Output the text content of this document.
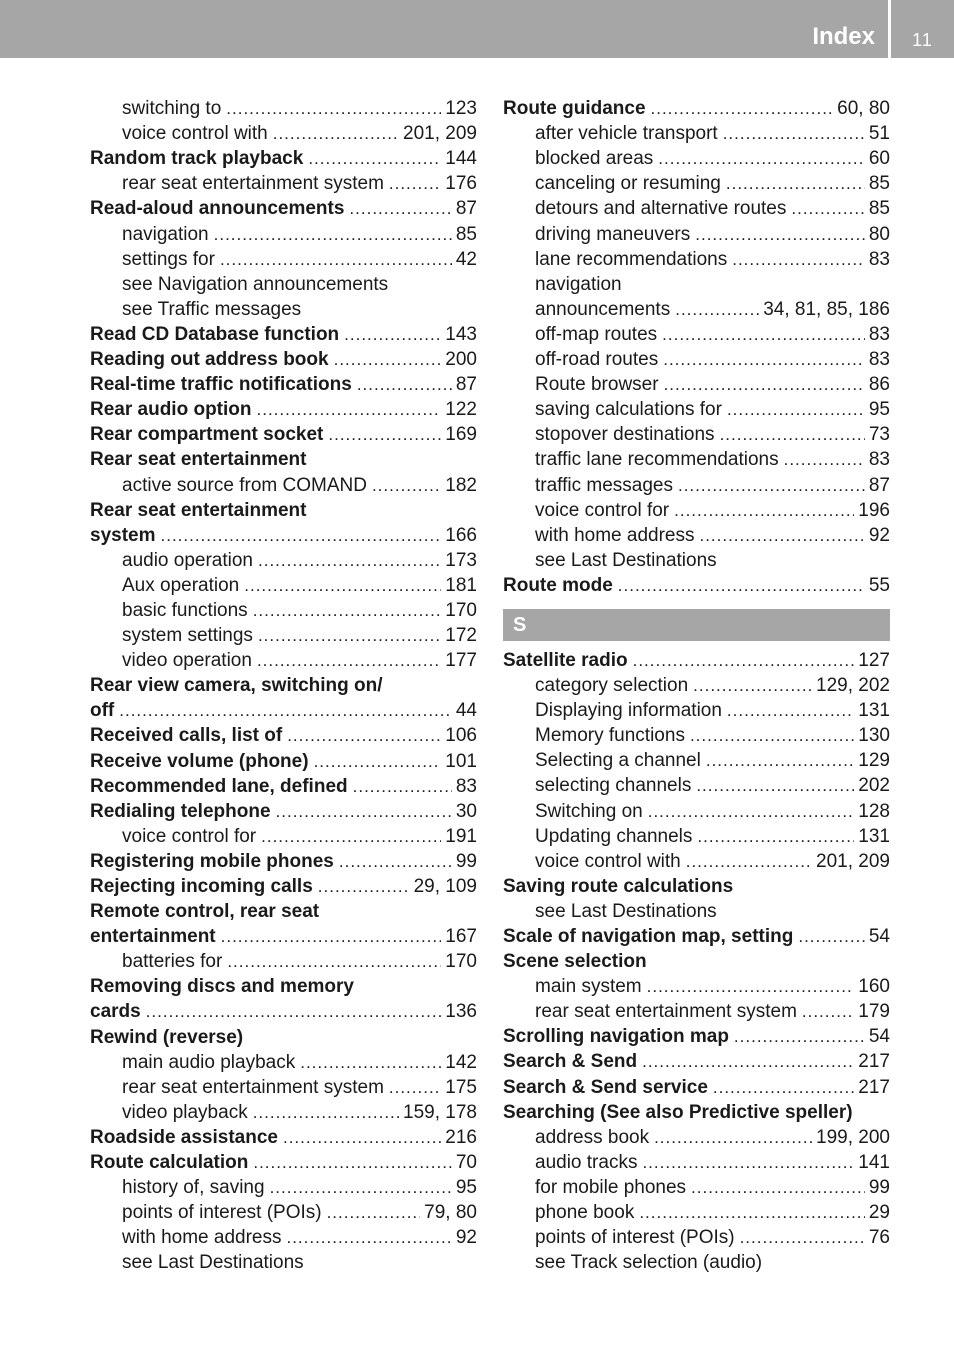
Index	11
switching to .....	123
voice control with .....	201, 209
Random track playback .....	144
rear seat entertainment system .....	176
Read-aloud announcements .....	87
navigation .....	85
settings for .....	42
see Navigation announcements
see Traffic messages
Read CD Database function .....	143
Reading out address book .....	200
Real-time traffic notifications .....	87
Rear audio option .....	122
Rear compartment socket .....	169
Rear seat entertainment
active source from COMAND .....	182
Rear seat entertainment
system .....	166
audio operation .....	173
Aux operation .....	181
basic functions .....	170
system settings .....	172
video operation .....	177
Rear view camera, switching on/
off .....	44
Received calls, list of .....	106
Receive volume (phone) .....	101
Recommended lane, defined .....	83
Redialing telephone .....	30
voice control for .....	191
Registering mobile phones .....	99
Rejecting incoming calls .....	29, 109
Remote control, rear seat
entertainment .....	167
batteries for .....	170
Removing discs and memory
cards .....	136
Rewind (reverse)
main audio playback .....	142
rear seat entertainment system .....	175
video playback .....	159, 178
Roadside assistance .....	216
Route calculation .....	70
history of, saving .....	95
points of interest (POIs) .....	79, 80
with home address .....	92
see Last Destinations
Route guidance .....	60, 80
after vehicle transport .....	51
blocked areas .....	60
canceling or resuming .....	85
detours and alternative routes .....	85
driving maneuvers .....	80
lane recommendations .....	83
navigation
announcements .....	34, 81, 85, 186
off-map routes .....	83
off-road routes .....	83
Route browser .....	86
saving calculations for .....	95
stopover destinations .....	73
traffic lane recommendations .....	83
traffic messages .....	87
voice control for .....	196
with home address .....	92
see Last Destinations
Route mode .....	55
S
Satellite radio .....	127
category selection .....	129, 202
Displaying information .....	131
Memory functions .....	130
Selecting a channel .....	129
selecting channels .....	202
Switching on .....	128
Updating channels .....	131
voice control with .....	201, 209
Saving route calculations
see Last Destinations
Scale of navigation map, setting .....	54
Scene selection
main system .....	160
rear seat entertainment system .....	179
Scrolling navigation map .....	54
Search & Send .....	217
Search & Send service .....	217
Searching (See also Predictive speller)
address book .....	199, 200
audio tracks .....	141
for mobile phones .....	99
phone book .....	29
points of interest (POIs) .....	76
see Track selection (audio)
